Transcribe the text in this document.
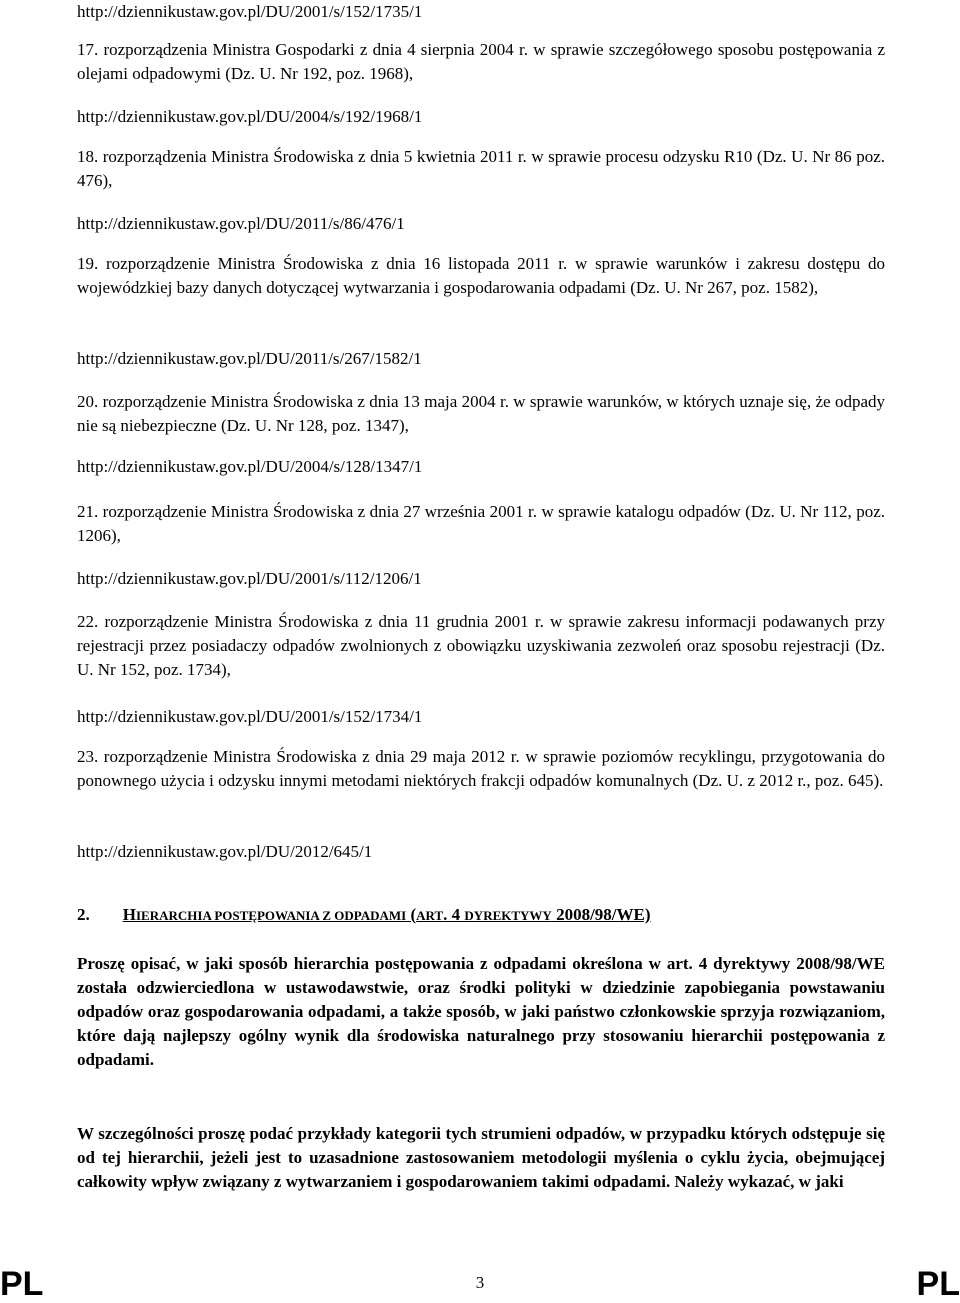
http://dziennikustaw.gov.pl/DU/2001/s/152/1735/1

17. rozporządzenia Ministra Gospodarki z dnia 4 sierpnia 2004 r. w sprawie szczegółowego sposobu postępowania z olejami odpadowymi (Dz. U. Nr 192, poz. 1968),

http://dziennikustaw.gov.pl/DU/2004/s/192/1968/1

18. rozporządzenia Ministra Środowiska z dnia 5 kwietnia 2011 r. w sprawie procesu odzysku R10 (Dz. U. Nr 86 poz. 476),

http://dziennikustaw.gov.pl/DU/2011/s/86/476/1

19. rozporządzenie Ministra Środowiska z dnia 16 listopada 2011 r. w sprawie warunków i zakresu dostępu do wojewódzkiej bazy danych dotyczącej wytwarzania i gospodarowania odpadami (Dz. U. Nr 267, poz. 1582),

http://dziennikustaw.gov.pl/DU/2011/s/267/1582/1

20. rozporządzenie Ministra Środowiska z dnia 13 maja 2004 r. w sprawie warunków, w których uznaje się, że odpady nie są niebezpieczne (Dz. U. Nr 128, poz. 1347),

http://dziennikustaw.gov.pl/DU/2004/s/128/1347/1

21. rozporządzenie Ministra Środowiska z dnia 27 września 2001 r. w sprawie katalogu odpadów (Dz. U. Nr 112, poz. 1206),

http://dziennikustaw.gov.pl/DU/2001/s/112/1206/1

22. rozporządzenie Ministra Środowiska z dnia 11 grudnia 2001 r. w sprawie zakresu informacji podawanych przy rejestracji przez posiadaczy odpadów zwolnionych z obowiązku uzyskiwania zezwoleń oraz sposobu rejestracji (Dz. U. Nr 152, poz. 1734),

http://dziennikustaw.gov.pl/DU/2001/s/152/1734/1

23. rozporządzenie Ministra Środowiska z dnia 29 maja 2012 r. w sprawie poziomów recyklingu, przygotowania do ponownego użycia i odzysku innymi metodami niektórych frakcji odpadów komunalnych (Dz. U. z 2012 r., poz. 645).

http://dziennikustaw.gov.pl/DU/2012/645/1
2. HIERARCHIA POSTĘPOWANIA Z ODPADAMI (ART. 4 DYREKTYWY 2008/98/WE)

Proszę opisać, w jaki sposób hierarchia postępowania z odpadami określona w art. 4 dyrektywy 2008/98/WE została odzwierciedlona w ustawodawstwie, oraz środki polityki w dziedzinie zapobiegania powstawaniu odpadów oraz gospodarowania odpadami, a także sposób, w jaki państwo członkowskie sprzyja rozwiązaniom, które dają najlepszy ogólny wynik dla środowiska naturalnego przy stosowaniu hierarchii postępowania z odpadami.

W szczególności proszę podać przykłady kategorii tych strumieni odpadów, w przypadku których odstępuje się od tej hierarchii, jeżeli jest to uzasadnione zastosowaniem metodologii myślenia o cyklu życia, obejmującej całkowity wpływ związany z wytwarzaniem i gospodarowaniem takimi odpadami. Należy wykazać, w jaki

PL	3	PL
